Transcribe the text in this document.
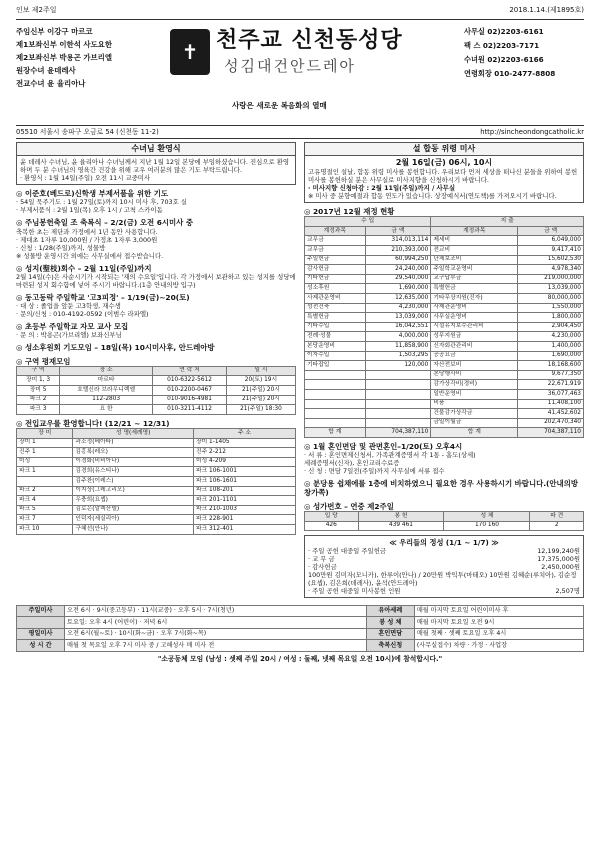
인보 제2주일	2018.1.14.(제1895호)
주임신부 이강구 마르코
제1보좌신부 이한석 사도요한
제2보좌신부 박용곤 가브리엘
원장수녀 윤데레사
전교수녀 윤 율리아나
✝ 천주교 신천동성당
성김대건안드레아
사랑은 새로운 복음화의 열매
사무실 02)2203-6161
팩 스 02)2203-7171
수녀원 02)2203-6166
연령회장 010-2477-8808
05510 서울시 송파구 오금로 54 (신천동 11-2)	http://sincheondongcatholic.kr
수녀님 환영식
윤 데레사 수녀님, 윤 율리아나 수녀님께서 지난 1월 12일 본당에 부임하셨습니다. 진심으로 환영하며 두 분 수녀님의 영육간 건강을 위해 교우 여러분의 많은 기도 부탁드립니다.
· 환영식 : 1월 14일(주일) 오전 11시 교중미사
◎ 이준호(베드로)신학생 부제서품을 위한 기도
· 54일 묵주기도 : 1월 27일(토)까지 10시 미사 후, 703호 실
· 부제서품식 : 2월 1일(목) 오후 1시 / 고척 스카이돔
◎ 주님봉헌축일 조 축복식 – 2/2(금) 오전 6시미사 중
축복한 초는 제단과 가정에서 1년 동안 사용합니다.
· 제대초 1자루 10,000원 / 가정초 1자루 3,000원
· 신청 : 1/28(주일)까지, 성물방
※ 성물방 운영시간 외에는 사무실에서 접수받습니다.
◎ 성지(聖枝)회수 – 2월 11일(주일)까지
2월 14일(수)은 사순시기가 시작되는 '재의 수요일'입니다. 각 가정에서 보관하고 있는 성지를 성당에 마련된 성지 회수함에 넣어 주시기 바랍니다.(1층 안내의방 입구)
◎ 동고동락 주일학교 '고3피정' – 1/19(금)~20(토)
· 대 상 : 졸업을 앞둔 고3학생, 재수생
· 문의/신청 : 010-4192-0592 (이범수 라파엘)
◎ 초등부 주일학교 자모 교사 모집
· 문 의 : 박용곤(가브리엘) 보좌신부님
◎ 성소후원회 기도모임 – 18일(목) 10시미사후, 안드레아방
◎ 구역 평재모임
구 역	장 소	연 락 처	일 시
장미 1, 3	마르타	010-6322-5612	20(토) 19시
장미 5	호텔신라 브라우니렉엘	010-2200-0467	21(주일) 20시
파크 2	112-2803	010-9016-4981	21(주일) 20시
파크 3	요 한	010-3211-4112	21(주일) 18:30
◎ 전입교우를 환영합니다! (12/21 ~ 12/31)
장 미	성 명(세례명)	주 소
장미 1	곽소정(베아타)	장미 1-1405
진주 1	김홍록(레오)	진주 2-212
미성	이경화(비비아나)	미성 4-209
파크 1	김경희(유스티나)	파크 106-1001
	김주찬(이레스)	파크 106-1601
파크 2	이지상(그레고리오)	파크 108-201
파크 4	우충희(요셉)	파크 201-1101
파크 5	김로은(알렉산델)	파크 210-1003
파크 7	인덕자(세실리아)	파크 228-901
파크 10	구혜선(안나)	파크 312-401
설 합동 위령 미사
2월 16일(금) 06시, 10시
고유명절인 설날, 합동 위령 미사를 봉헌합니다. 우리보다 먼저 세상을 떠나신 분들을 위하여 봉헌미사를 봉헌하실 분은 사무실로 미사지향을 신청하시기 바랍니다.
· 미사지향 신청마감 : 2월 11일(주일)까지 / 사무실
※ 미사 중 분향예절과 합동 연도가 있습니다. 상장예식서(연도책)를 가져오시기 바랍니다.
◎ 2017년 12월 재정 현황
수 입		지 출	
계정과목	금 액	계정과목	금 액
교무금	314,013,114	제세비	6,049,000
교무금	210,393,000	전교비	9,417,410
주일헌금	60,994,250	단체보조비	15,602,530
감사헌금	24,240,000	주일학교운영비	4,978,340
기타헌금	29,540,000	교구납부금	219,000,000
성소후원	1,690,000	특별헌금	13,039,000
사제관운영비	12,635,000	기타무상지원(진자)	80,000,000
성전건축	4,230,000	사제관운영비	1,550,000
특별헌금	13,039,000	사무실운영비	1,800,000
기타수입	16,042,551	시설유지보수관리비	2,904,450
전례·성물	4,000,000	성무지원금	4,230,000
본당운영비	11,858,900	신자회관관리비	1,400,000
이자수입	1,503,295	공공요금	1,690,000
기타잡입	120,000	자산전보비	18,168,600
		본당행사비	9,677,350
		감가상각비(경비)	22,671,919
		일반운영비	36,077,463
		비품	11,408,100
		건물감가상각금	41,452,602
		금일이월금	202,470,340
합 계	704,387,110	합 계	704,387,110
◎ 1월 혼인면담 및 관면혼인–1/20(토) 오후4시
· 서 류 : 혼인면제신청서, 가족관계증명서 각 1통 - 홈도(상세)
세례증명서(신자), 혼인교리수료증
· 신 청 : 면담 7일전(주일)까지 사무실에 서류 접수
◎ 분당용 쉽채에를 1층에 비치하였으니 필요한 경우 사용하시기 바랍니다.(안내의방 창가쪽)
◎ 성가번호 – 연중 제2주일
입 당	봉 헌	성 체	파 견
426	439 461	170 160	2
≪ 우리들의 정성 (1/1 ~ 1/7) ≫
· 주일 공헌 대중일 주일헌금	12,199,240원
· 교 무 금	17,375,000원
· 감사헌금	2,450,000원
100만원 김미자(모니카), 한루이(안나) / 20만원 박익투(마태오) 10만원 김혜순(루치아), 김순정(요셉), 김은희(데레사), 윤석(안드레아)
· 주일 공헌 대중일 미사봉헌 인원	2,507명
주일미사	오전 6시 · 9시(중고등부) · 11시(교중) · 오후 5시 · 7시(청년)	유아세례	매월 마지막 토요일 어린이미사 후
	토요일: 오후 4시 (어린이) · 저녁 6시	봉 성 체	매월 마지막 토요일 오전 9시
평일미사	오전 6시(월~토) · 10시(화~금) · 오후 7시(화~목)	혼인면담	매월 첫째 · 셋째 토요일 오후 4시
성 시 간	매월 첫 목요일 오후 7시 미사 중 / 고해성사 매 미사 전	축복신청	(사무실접수) 차량 · 가정 · 사업장
"소공동체 모임 (남성 : 셋째 주일 20시 / 여성 : 둘째, 넷째 목요일 오전 10시)에 참석합시다."
